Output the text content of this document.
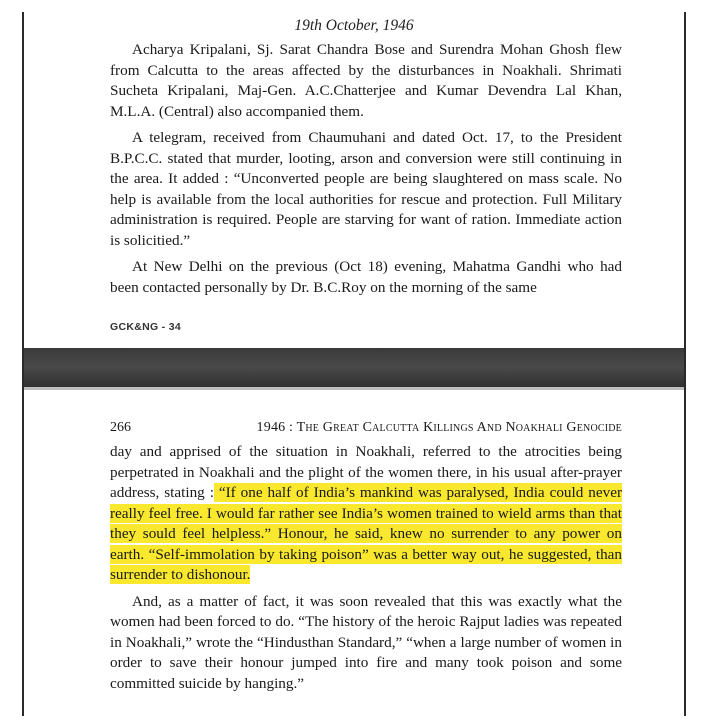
19th October, 1946

Acharya Kripalani, Sj. Sarat Chandra Bose and Surendra Mohan Ghosh flew from Calcutta to the areas affected by the disturbances in Noakhali. Shrimati Sucheta Kripalani, Maj-Gen. A.C.Chatterjee and Kumar Devendra Lal Khan, M.L.A. (Central) also accompanied them.

A telegram, received from Chaumuhani and dated Oct. 17, to the President B.P.C.C. stated that murder, looting, arson and conversion were still continuing in the area. It added : “Unconverted people are being slaughtered on mass scale. No help is available from the local authorities for rescue and protection. Full Military administration is required. People are starving for want of ration. Immediate action is solicitied.”

At New Delhi on the previous (Oct 18) evening, Mahatma Gandhi who had been contacted personally by Dr. B.C.Roy on the morning of the same

GCK&NG - 34
266	1946 : The Great Calcutta Killings And Noakhali Genocide

day and apprised of the situation in Noakhali, referred to the atrocities being perpetrated in Noakhali and the plight of the women there, in his usual after-prayer address, stating : “If one half of India’s mankind was paralysed, India could never really feel free. I would far rather see India’s women trained to wield arms than that they sould feel helpless.” Honour, he said, knew no surrender to any power on earth. “Self-immolation by taking poison” was a better way out, he suggested, than surrender to dishonour.

And, as a matter of fact, it was soon revealed that this was exactly what the women had been forced to do. “The history of the heroic Rajput ladies was repeated in Noakhali,” wrote the “Hindusthan Standard,” “when a large number of women in order to save their honour jumped into fire and many took poison and some committed suicide by hanging.”
